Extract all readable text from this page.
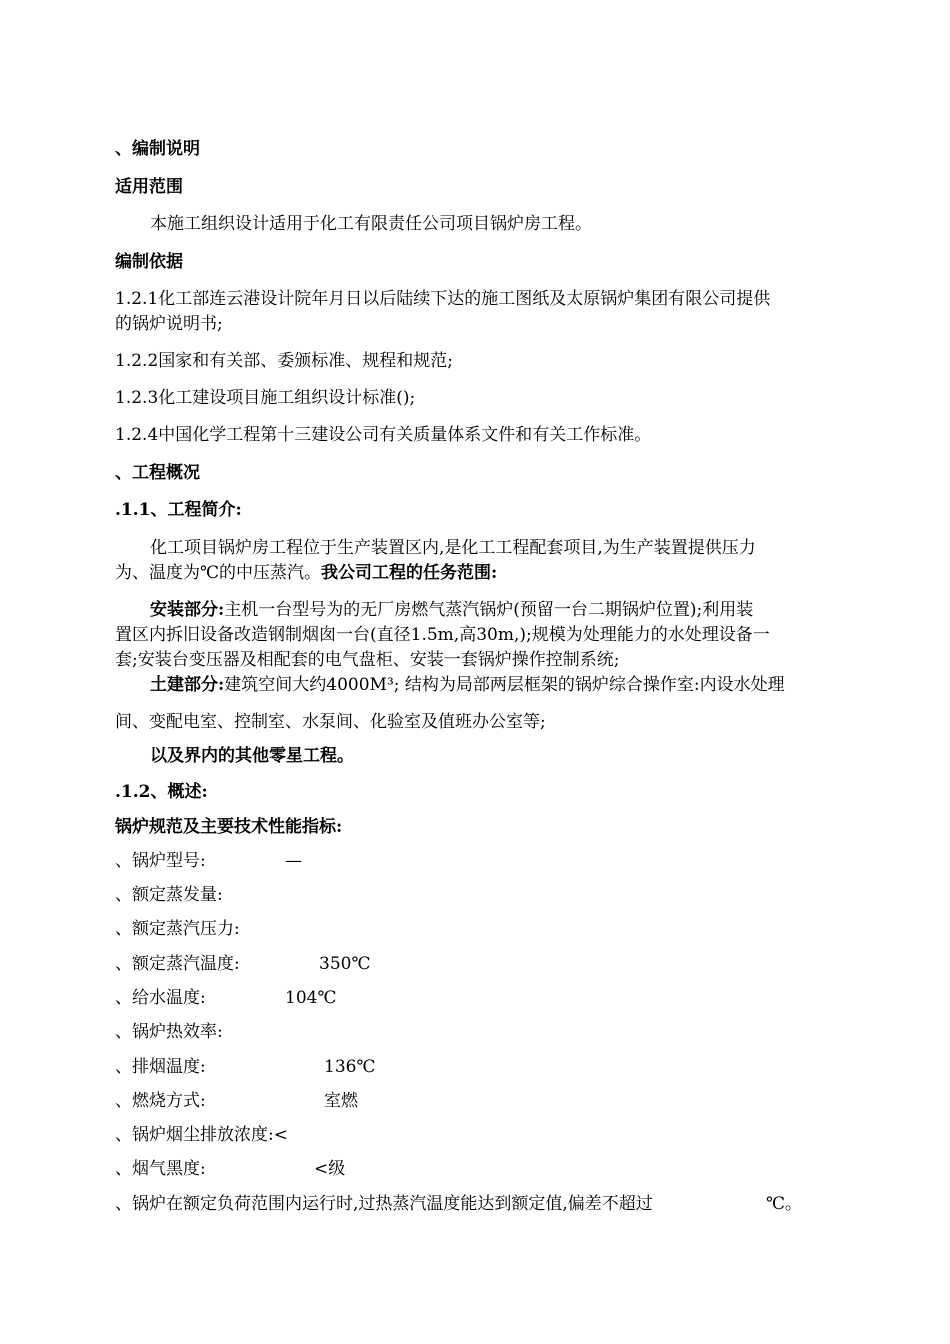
、编制说明
适用范围
本施工组织设计适用于化工有限责任公司项目锅炉房工程。
编制依据
1.2.1化工部连云港设计院年月日以后陆续下达的施工图纸及太原锅炉集团有限公司提供
的锅炉说明书;
1.2.2国家和有关部、委颁标准、规程和规范;
1.2.3化工建设项目施工组织设计标准();
1.2.4中国化学工程第十三建设公司有关质量体系文件和有关工作标准。
、工程概况
.1.1、工程简介:
化工项目锅炉房工程位于生产装置区内,是化工工程配套项目,为生产装置提供压力
为、温度为℃的中压蒸汽。我公司工程的任务范围:
安装部分:主机一台型号为的无厂房燃气蒸汽锅炉(预留一台二期锅炉位置);利用装
置区内拆旧设备改造钢制烟囱一台(直径1.5m,高30m,);规模为处理能力的水处理设备一
套;安装台变压器及相配套的电气盘柜、安装一套锅炉操作控制系统;
土建部分:建筑空间大约4000M³; 结构为局部两层框架的锅炉综合操作室:内设水处理
间、变配电室、控制室、水泵间、化验室及值班办公室等;
以及界内的其他零星工程。
.1.2、概述:
锅炉规范及主要技术性能指标:
、锅炉型号:	—
、额定蒸发量:
、额定蒸汽压力:
、额定蒸汽温度:	350℃
、给水温度:	104℃
、锅炉热效率:
、排烟温度:	136℃
、燃烧方式:	室燃
、锅炉烟尘排放浓度:<
、烟气黑度:	<级
、锅炉在额定负荷范围内运行时,过热蒸汽温度能达到额定值,偏差不超过	℃。
